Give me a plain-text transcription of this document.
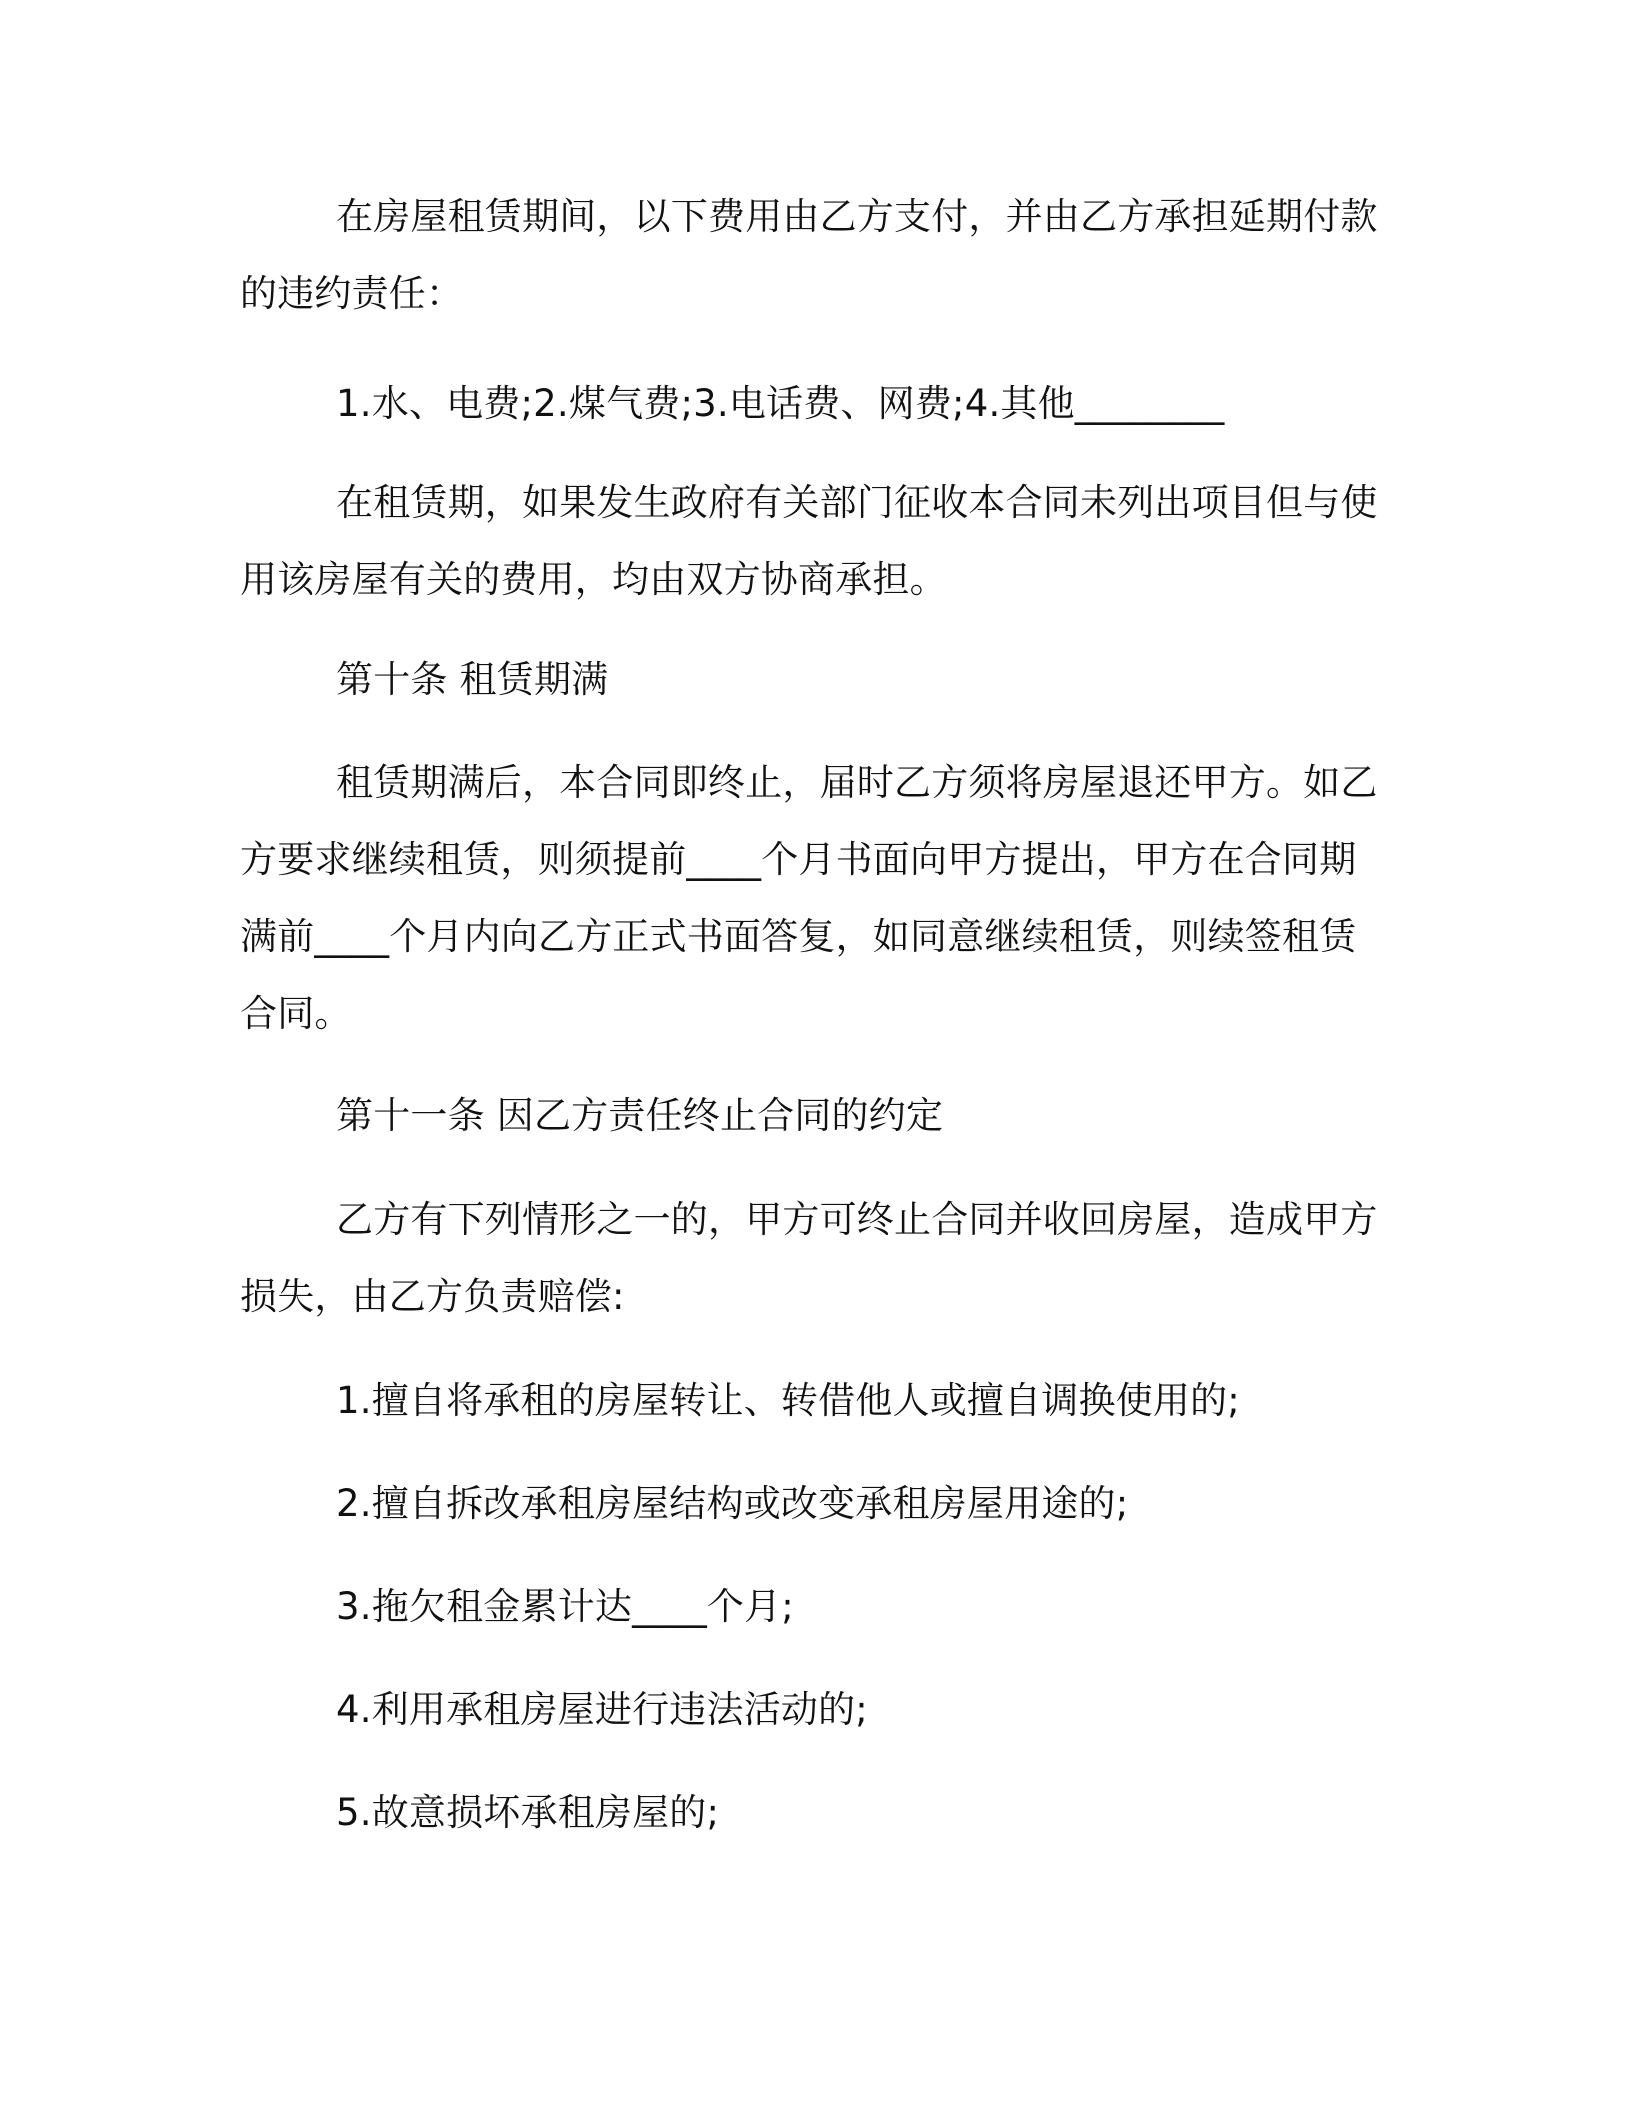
在房屋租赁期间，以下费用由乙方支付，并由乙方承担延期付款
的违约责任：

1.水、电费;2.煤气费;3.电话费、网费;4.其他________

在租赁期，如果发生政府有关部门征收本合同未列出项目但与使
用该房屋有关的费用，均由双方协商承担。

第十条 租赁期满

租赁期满后，本合同即终止，届时乙方须将房屋退还甲方。如乙
方要求继续租赁，则须提前____个月书面向甲方提出，甲方在合同期
满前____个月内向乙方正式书面答复，如同意继续租赁，则续签租赁
合同。

第十一条 因乙方责任终止合同的约定

乙方有下列情形之一的，甲方可终止合同并收回房屋，造成甲方
损失，由乙方负责赔偿:

1.擅自将承租的房屋转让、转借他人或擅自调换使用的;

2.擅自拆改承租房屋结构或改变承租房屋用途的;

3.拖欠租金累计达____个月;

4.利用承租房屋进行违法活动的;

5.故意损坏承租房屋的;
